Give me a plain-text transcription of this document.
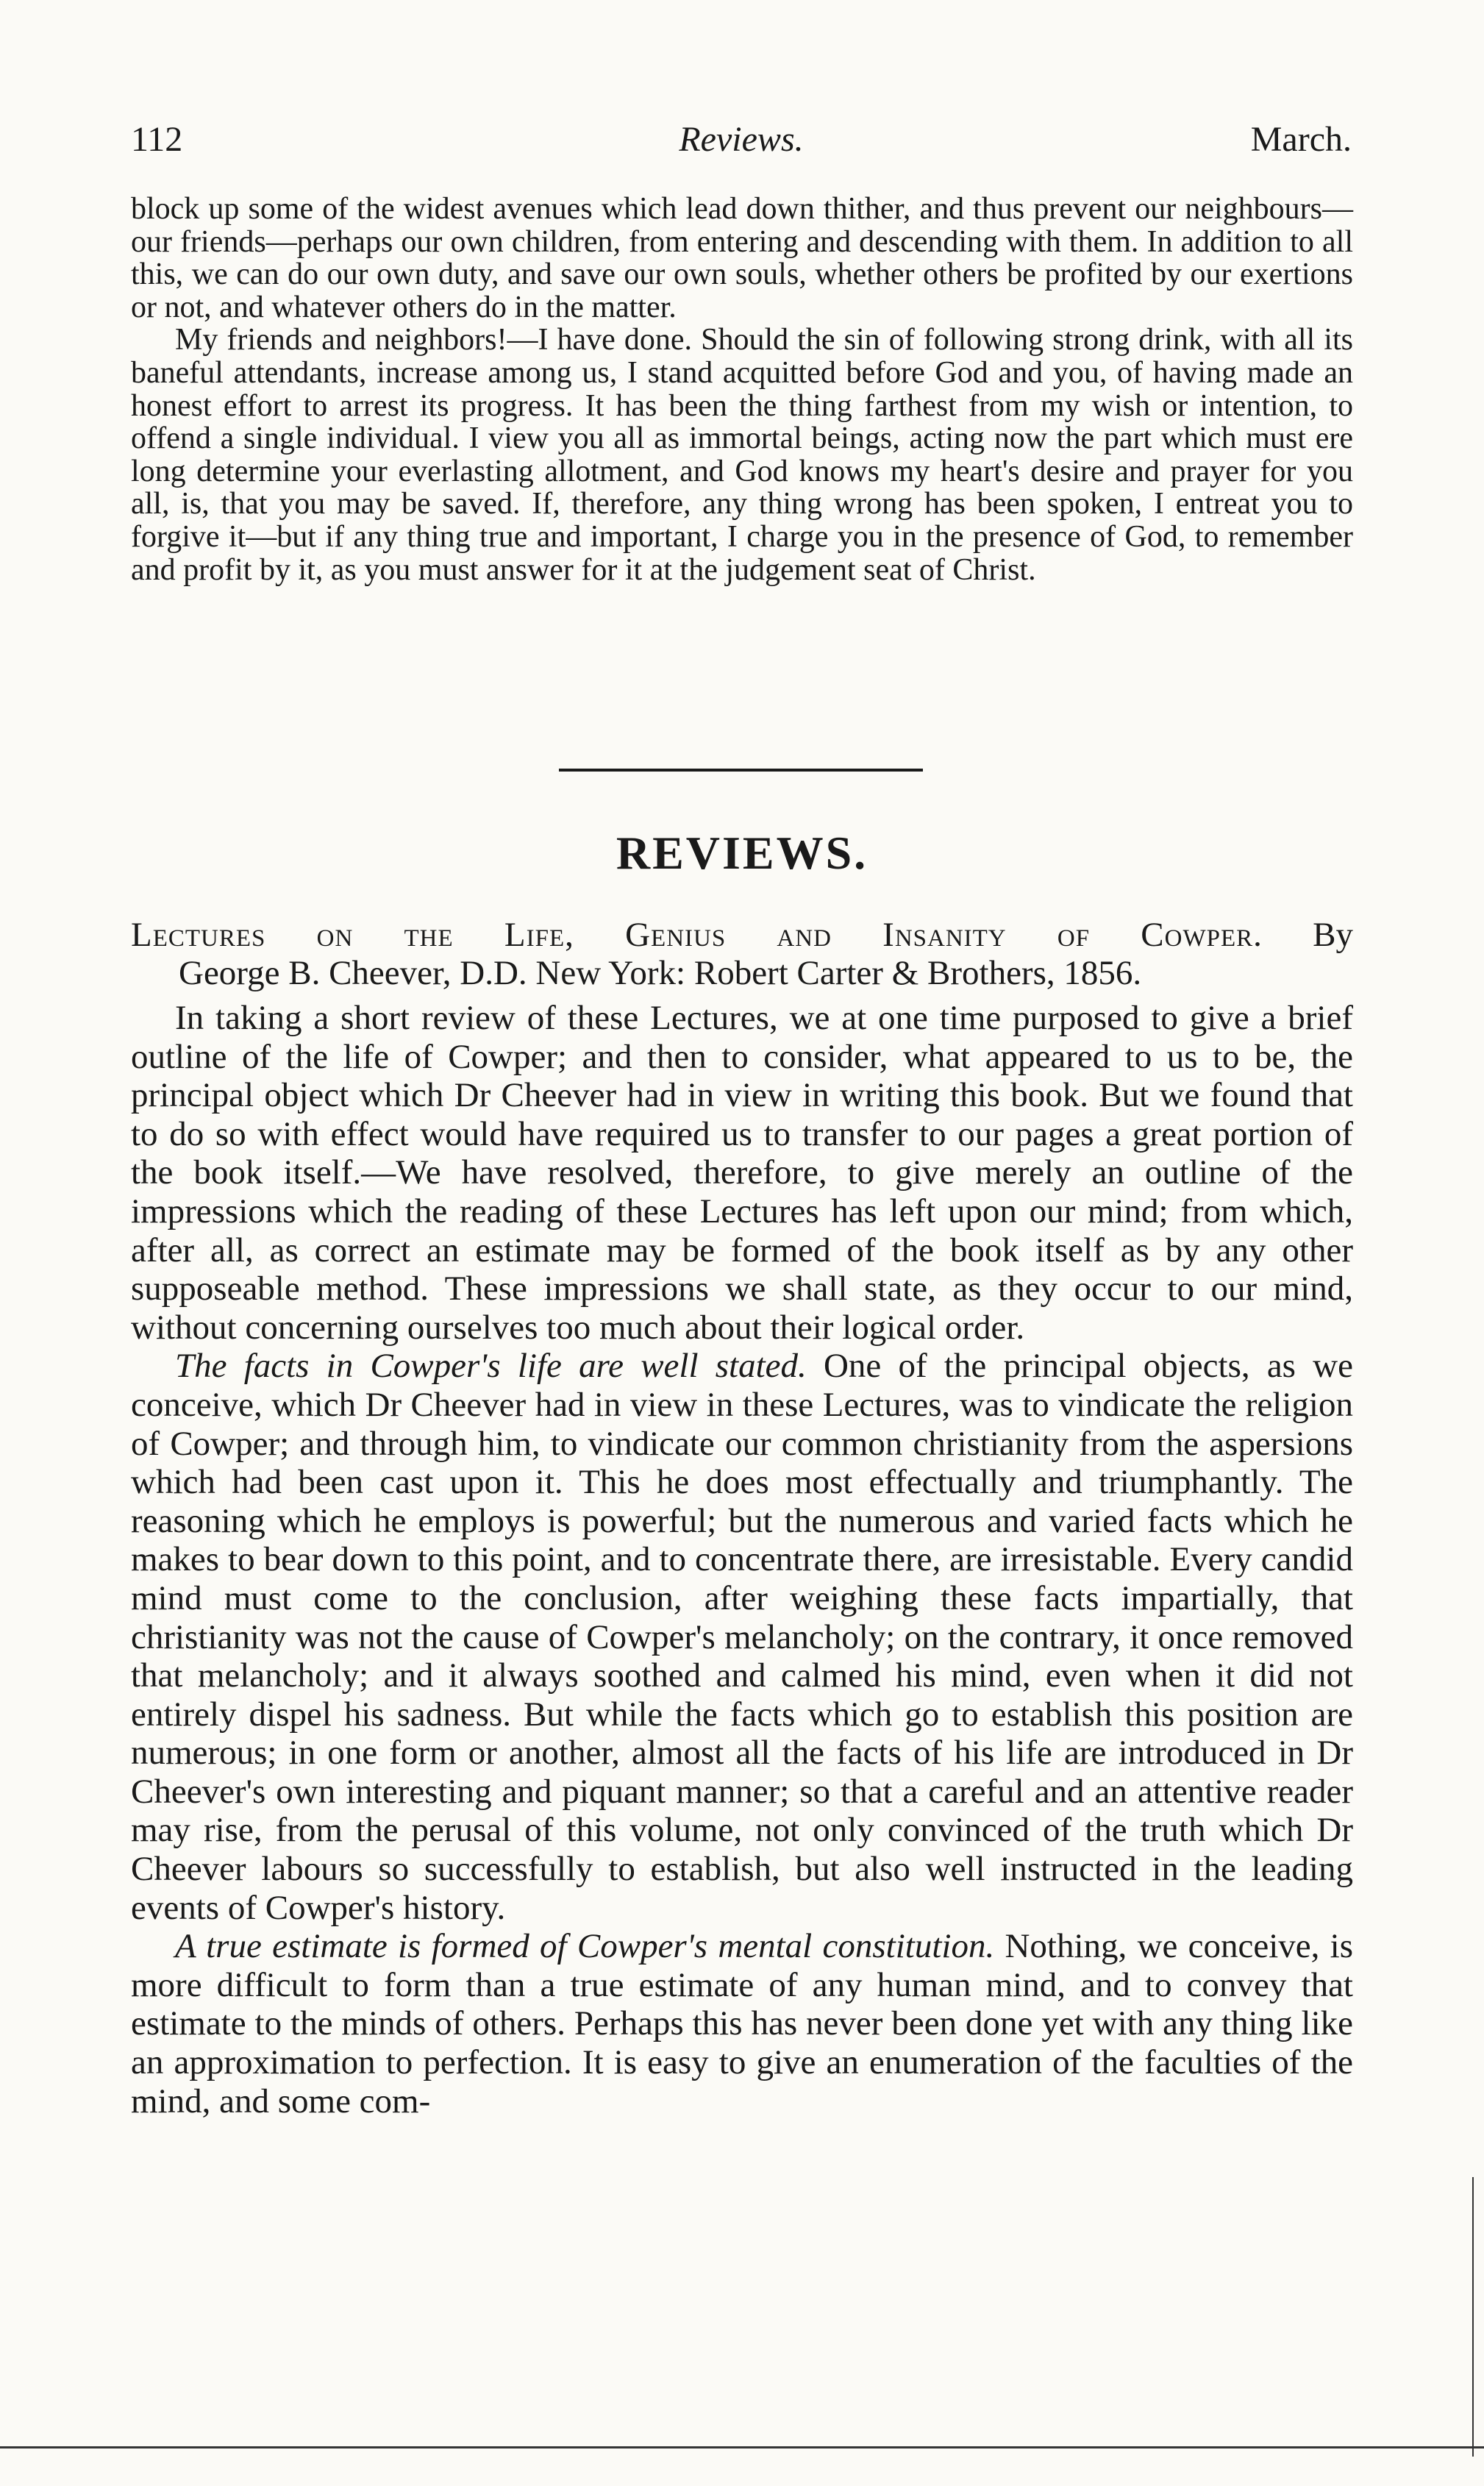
112	Reviews.	March.

block up some of the widest avenues which lead down thither, and thus prevent our neighbours—our friends—perhaps our own children, from entering and descending with them. In addition to all this, we can do our own duty, and save our own souls, whether others be profited by our exertions or not, and whatever others do in the matter.

My friends and neighbors!—I have done. Should the sin of following strong drink, with all its baneful attendants, increase among us, I stand acquitted before God and you, of having made an honest effort to arrest its progress. It has been the thing farthest from my wish or intention, to offend a single individual. I view you all as immortal beings, acting now the part which must ere long determine your everlasting allotment, and God knows my heart's desire and prayer for you all, is, that you may be saved. If, therefore, any thing wrong has been spoken, I entreat you to forgive it—but if any thing true and important, I charge you in the presence of God, to remember and profit by it, as you must answer for it at the judgement seat of Christ.

REVIEWS.
Lectures on the Life, Genius and Insanity of Cowper. By
George B. Cheever, D.D. New York: Robert Carter & Brothers, 1856.

In taking a short review of these Lectures, we at one time purposed to give a brief outline of the life of Cowper; and then to consider, what appeared to us to be, the principal object which Dr Cheever had in view in writing this book. But we found that to do so with effect would have required us to transfer to our pages a great portion of the book itself.—We have resolved, therefore, to give merely an outline of the impressions which the reading of these Lectures has left upon our mind; from which, after all, as correct an estimate may be formed of the book itself as by any other supposeable method. These impressions we shall state, as they occur to our mind, without concerning ourselves too much about their logical order.

The facts in Cowper's life are well stated. One of the principal objects, as we conceive, which Dr Cheever had in view in these Lectures, was to vindicate the religion of Cowper; and through him, to vindicate our common christianity from the aspersions which had been cast upon it. This he does most effectually and triumphantly. The reasoning which he employs is powerful; but the numerous and varied facts which he makes to bear down to this point, and to concentrate there, are irresistable. Every candid mind must come to the conclusion, after weighing these facts impartially, that christianity was not the cause of Cowper's melancholy; on the contrary, it once removed that melancholy; and it always soothed and calmed his mind, even when it did not entirely dispel his sadness. But while the facts which go to establish this position are numerous; in one form or another, almost all the facts of his life are introduced in Dr Cheever's own interesting and piquant manner; so that a careful and an attentive reader may rise, from the perusal of this volume, not only convinced of the truth which Dr Cheever labours so successfully to establish, but also well instructed in the leading events of Cowper's history.

A true estimate is formed of Cowper's mental constitution. Nothing, we conceive, is more difficult to form than a true estimate of any human mind, and to convey that estimate to the minds of others. Perhaps this has never been done yet with any thing like an approximation to perfection. It is easy to give an enumeration of the faculties of the mind, and some com-
